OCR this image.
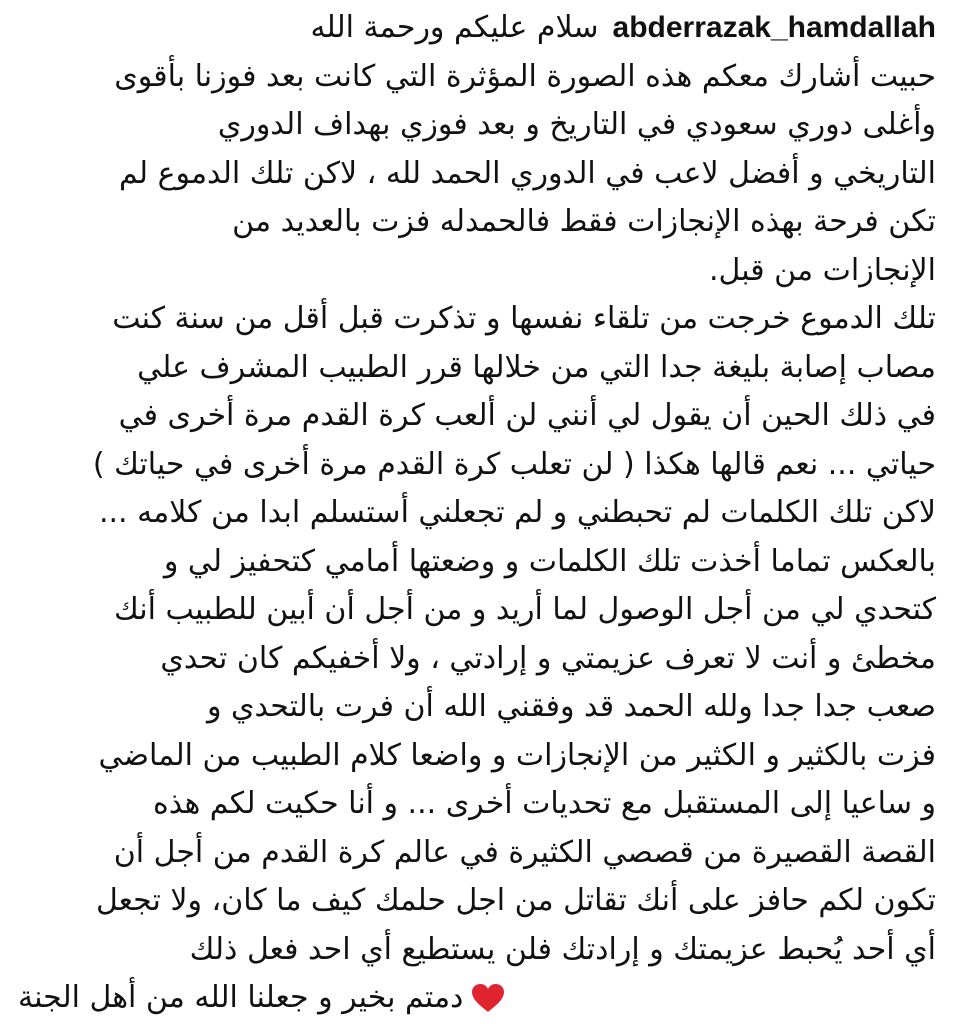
abderrazak_hamdallah
سلام عليكم ورحمة الله
حبيت أشارك معكم هذه الصورة المؤثرة التي كانت بعد فوزنا بأقوى
وأغلى دوري سعودي في التاريخ و بعد فوزي بهداف الدوري
التاريخي و أفضل لاعب في الدوري الحمد لله ، لاكن تلك الدموع لم
تكن فرحة بهذه الإنجازات فقط فالحمدله فزت بالعديد من
الإنجازات من قبل.
تلك الدموع خرجت من تلقاء نفسها و تذكرت قبل أقل من سنة كنت
مصاب إصابة بليغة جدا التي من خلالها قرر الطبيب المشرف علي
في ذلك الحين أن يقول لي أنني لن ألعب كرة القدم مرة أخرى في
حياتي ... نعم قالها هكذا ( لن تعلب كرة القدم مرة أخرى في حياتك )
لاكن تلك الكلمات لم تحبطني و لم تجعلني أستسلم ابدا من كلامه ...
بالعكس تماما أخذت تلك الكلمات و وضعتها أمامي كتحفيز لي و
كتحدي لي من أجل الوصول لما أريد و من أجل أن أبين للطبيب أنك
مخطئ و أنت لا تعرف عزيمتي و إرادتي ، ولا أخفيكم كان تحدي
صعب جدا جدا ولله الحمد قد وفقني الله أن فرت بالتحدي و
فزت بالكثير و الكثير من الإنجازات و واضعا كلام الطبيب من الماضي
و ساعيا إلى المستقبل مع تحديات أخرى ... و أنا حكيت لكم هذه
القصة القصيرة من قصصي الكثيرة في عالم كرة القدم من أجل أن
تكون لكم حافز على أنك تقاتل من اجل حلمك كيف ما كان، ولا تجعل
أي أحد يُحبط عزيمتك و إرادتك فلن يستطيع أي احد فعل ذلك
دمتم بخير و جعلنا الله من أهل الجنة
